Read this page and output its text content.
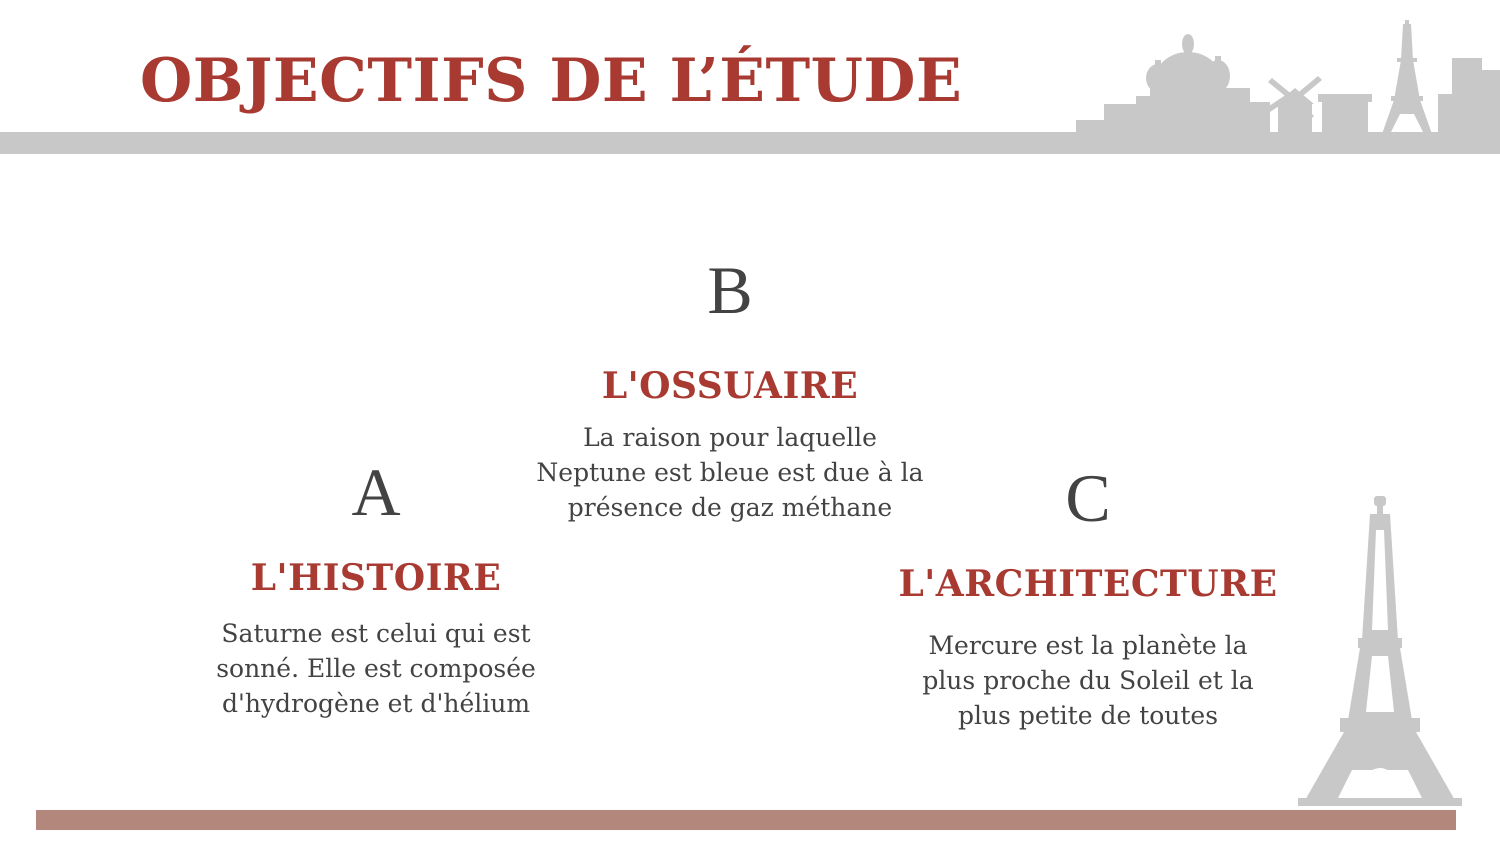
OBJECTIFS DE L’ÉTUDE
A
L'HISTOIRE

Saturne est celui qui est sonné. Elle est composée d'hydrogène et d'hélium

B
L'OSSUAIRE

La raison pour laquelle Neptune est bleue est due à la présence de gaz méthane	C
L'ARCHITECTURE

Mercure est la planète la plus proche du Soleil et la plus petite de toutes
